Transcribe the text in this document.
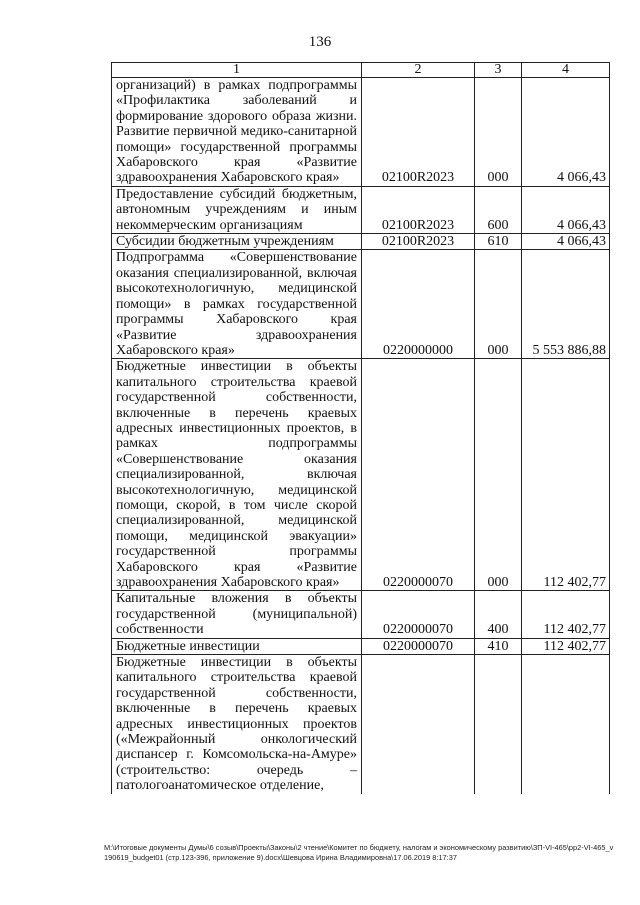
136
1	2	3	4
организаций) в рамках подпрограммы «Профилактика заболеваний и формирование здорового образа жизни. Развитие первичной медико-санитарной помощи» государственной программы Хабаровского края «Развитие здравоохранения Хабаровского края»	02100R2023	000	4 066,43
Предоставление субсидий бюджетным, автономным учреждениям и иным некоммерческим организациям	02100R2023	600	4 066,43
Субсидии бюджетным учреждениям	02100R2023	610	4 066,43
Подпрограмма «Совершенствование оказания специализированной, включая высокотехнологичную, медицинской помощи» в рамках государственной программы Хабаровского края «Развитие здравоохранения Хабаровского края»	0220000000	000	5 553 886,88
Бюджетные инвестиции в объекты капитального строительства краевой государственной собственности, включенные в перечень краевых адресных инвестиционных проектов, в рамках подпрограммы «Совершенствование оказания специализированной, включая высокотехнологичную, медицинской помощи, скорой, в том числе скорой специализированной, медицинской помощи, медицинской эвакуации» государственной программы Хабаровского края «Развитие здравоохранения Хабаровского края»	0220000070	000	112 402,77
Капитальные вложения в объекты государственной (муниципальной) собственности	0220000070	400	112 402,77
Бюджетные инвестиции	0220000070	410	112 402,77
Бюджетные инвестиции в объекты капитального строительства краевой государственной собственности, включенные в перечень краевых адресных инвестиционных проектов («Межрайонный онкологический диспансер г. Комсомольска-на-Амуре» (строительство: очередь – патологоанатомическое отделение,			
M:\Итоговые документы Думы\6 созыв\Проекты\Законы\2 чтение\Комитет по бюджету, налогам и экономическому развитию\ЗП-VI-465\рр2-VI-465_v190619_budget01 (стр.123-396, приложение 9).docx\Шевцова Ирина Владимировна\17.06.2019 8:17:37
